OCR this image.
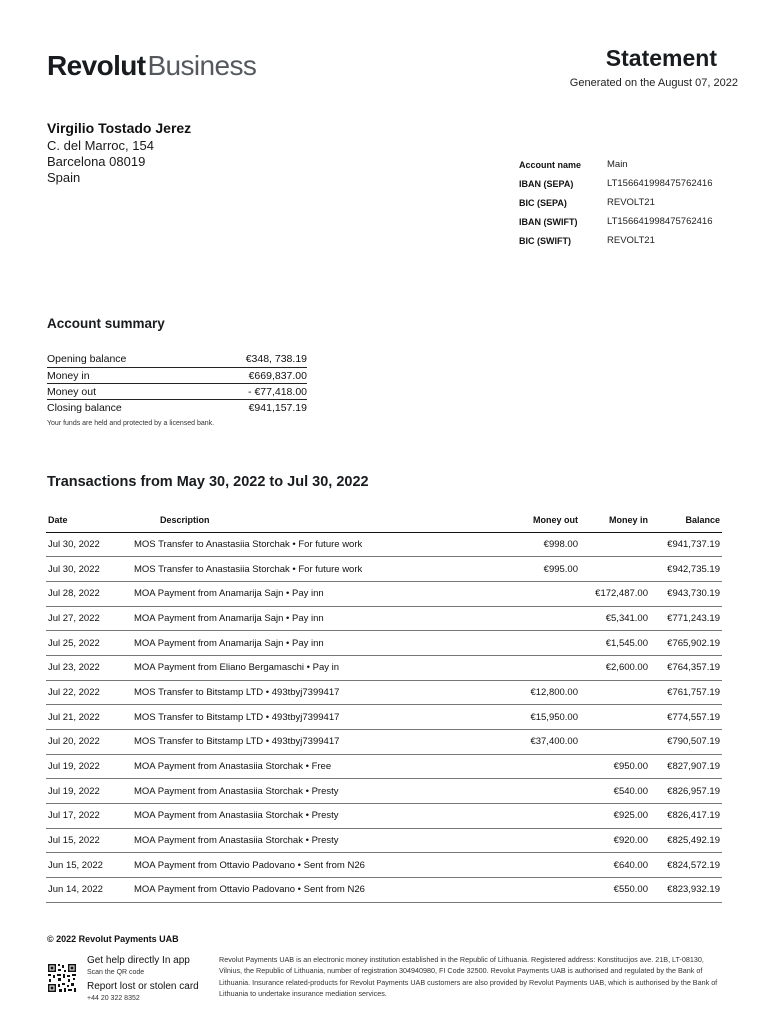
RevolutBusiness	Statement
Generated on the August 07, 2022
Virgilio Tostado Jerez
C. del Marroc, 154
Barcelona 08019
Spain
Account name	Main
IBAN (SEPA)	LT156641998475762416
BIC (SEPA)	REVOLT21
IBAN (SWIFT)	LT156641998475762416
BIC (SWIFT)	REVOLT21
Account summary
Opening balance	€348, 738.19
Money in	€669,837.00
Money out	- €77,418.00
Closing balance	€941,157.19
Your funds are held and protected by a licensed bank.
Transactions from May 30, 2022 to Jul 30, 2022
Date	Description	Money out	Money in	Balance
Jul 30, 2022	MOS Transfer to Anastasiia Storchak • For future work	€998.00		€941,737.19
Jul 30, 2022	MOS Transfer to Anastasiia Storchak • For future work	€995.00		€942,735.19
Jul 28, 2022	MOA Payment from Anamarija Sajn • Pay inn		€172,487.00	€943,730.19
Jul 27, 2022	MOA Payment from Anamarija Sajn • Pay inn		€5,341.00	€771,243.19
Jul 25, 2022	MOA Payment from Anamarija Sajn • Pay inn		€1,545.00	€765,902.19
Jul 23, 2022	MOA Payment from Eliano Bergamaschi • Pay in		€2,600.00	€764,357.19
Jul 22, 2022	MOS Transfer to Bitstamp LTD • 493tbyj7399417	€12,800.00		€761,757.19
Jul 21, 2022	MOS Transfer to Bitstamp LTD • 493tbyj7399417	€15,950.00		€774,557.19
Jul 20, 2022	MOS Transfer to Bitstamp LTD • 493tbyj7399417	€37,400.00		€790,507.19
Jul 19, 2022	MOA Payment from Anastasiia Storchak • Free		€950.00	€827,907.19
Jul 19, 2022	MOA Payment from Anastasiia Storchak • Presty		€540.00	€826,957.19
Jul 17, 2022	MOA Payment from Anastasiia Storchak • Presty		€925.00	€826,417.19
Jul 15, 2022	MOA Payment from Anastasiia Storchak • Presty		€920.00	€825,492.19
Jun 15, 2022	MOA Payment from Ottavio Padovano • Sent from N26		€640.00	€824,572.19
Jun 14, 2022	MOA Payment from Ottavio Padovano • Sent from N26		€550.00	€823,932.19
© 2022 Revolut Payments UAB
Get help directly In app
Scan the QR code
Report lost or stolen card
+44 20 322 8352
Revolut Payments UAB is an electronic money institution established in the Republic of Lithuania. Registered address: Konstitucijos ave. 21B, LT-08130, Vilnius, the Republic of Lithuania, number of registration 304940980, FI Code 32500. Revolut Payments UAB is authorised and regulated by the Bank of Lithuania. Insurance related-products for Revolut Payments UAB customers are also provided by Revolut Payments UAB, which is authorised by the Bank of Lithuania to undertake insurance mediation services.
